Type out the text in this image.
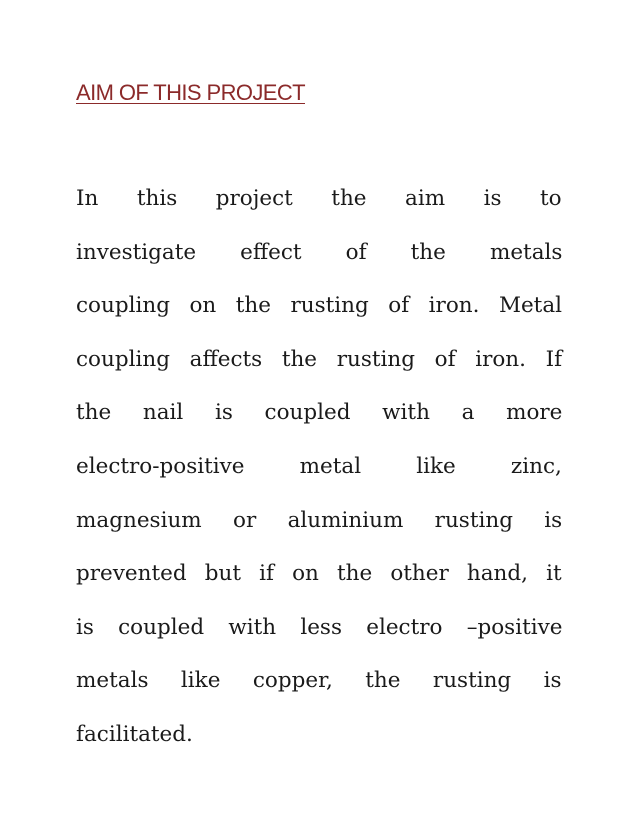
AIM OF THIS PROJECT
In this project the aim is to
investigate effect of the metals
coupling on the rusting of iron. Metal
coupling affects the rusting of iron. If
the nail is coupled with a more
electro-positive metal like zinc,
magnesium or aluminium rusting is
prevented but if on the other hand, it
is coupled with less electro –positive
metals like copper, the rusting is
facilitated.
